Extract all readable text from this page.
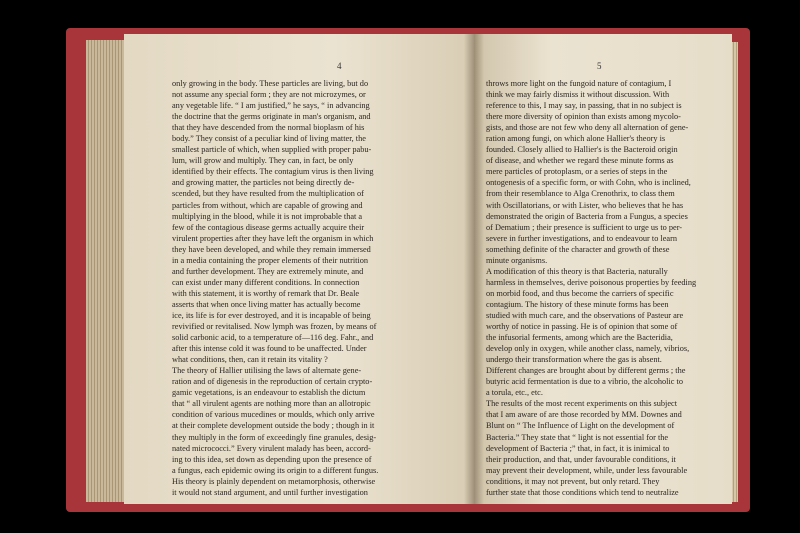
4
only growing in the body. These particles are living, but do
not assume any special form ; they are not microzymes, or
any vegetable life. “ I am justified,” he says, “ in advancing
the doctrine that the germs originate in man's organism, and
that they have descended from the normal bioplasm of his
body.” They consist of a peculiar kind of living matter, the
smallest particle of which, when supplied with proper pabu-
lum, will grow and multiply. They can, in fact, be only
identified by their effects. The contagium virus is then living
and growing matter, the particles not being directly de-
scended, but they have resulted from the multiplication of
particles from without, which are capable of growing and
multiplying in the blood, while it is not improbable that a
few of the contagious disease germs actually acquire their
virulent properties after they have left the organism in which
they have been developed, and while they remain immersed
in a media containing the proper elements of their nutrition
and further development. They are extremely minute, and
can exist under many different conditions. In connection
with this statement, it is worthy of remark that Dr. Beale
asserts that when once living matter has actually become
ice, its life is for ever destroyed, and it is incapable of being
revivified or revitalised. Now lymph was frozen, by means of
solid carbonic acid, to a temperature of—116 deg. Fahr., and
after this intense cold it was found to be unaffected. Under
what conditions, then, can it retain its vitality ?
The theory of Hallier utilising the laws of alternate gene-
ration and of digenesis in the reproduction of certain crypto-
gamic vegetations, is an endeavour to establish the dictum
that “ all virulent agents are nothing more than an allotropic
condition of various mucedines or moulds, which only arrive
at their complete development outside the body ; though in it
they multiply in the form of exceedingly fine granules, desig-
nated micrococci.” Every virulent malady has been, accord-
ing to this idea, set down as depending upon the presence of
a fungus, each epidemic owing its origin to a different fungus.
His theory is plainly dependent on metamorphosis, otherwise
it would not stand argument, and until further investigation
5
throws more light on the fungoid nature of contagium, I
think we may fairly dismiss it without discussion. With
reference to this, I may say, in passing, that in no subject is
there more diversity of opinion than exists among mycolo-
gists, and those are not few who deny all alternation of gene-
ration among fungi, on which alone Hallier's theory is
founded. Closely allied to Hallier's is the Bacteroid origin
of disease, and whether we regard these minute forms as
mere particles of protoplasm, or a series of steps in the
ontogenesis of a specific form, or with Cohn, who is inclined,
from their resemblance to Alga Crenothrix, to class them
with Oscillatorians, or with Lister, who believes that he has
demonstrated the origin of Bacteria from a Fungus, a species
of Dematium ; their presence is sufficient to urge us to per-
severe in further investigations, and to endeavour to learn
something definite of the character and growth of these
minute organisms.
A modification of this theory is that Bacteria, naturally
harmless in themselves, derive poisonous properties by feeding
on morbid food, and thus become the carriers of specific
contagium. The history of these minute forms has been
studied with much care, and the observations of Pasteur are
worthy of notice in passing. He is of opinion that some of
the infusorial ferments, among which are the Bacteridia,
develop only in oxygen, while another class, namely, vibrios,
undergo their transformation where the gas is absent.
Different changes are brought about by different germs ; the
butyric acid fermentation is due to a vibrio, the alcoholic to
a torula, etc., etc.
The results of the most recent experiments on this subject
that I am aware of are those recorded by MM. Downes and
Blunt on “ The Influence of Light on the development of
Bacteria.” They state that “ light is not essential for the
development of Bacteria ;” that, in fact, it is inimical to
their production, and that, under favourable conditions, it
may prevent their development, while, under less favourable
conditions, it may not prevent, but only retard. They
further state that those conditions which tend to neutralize
